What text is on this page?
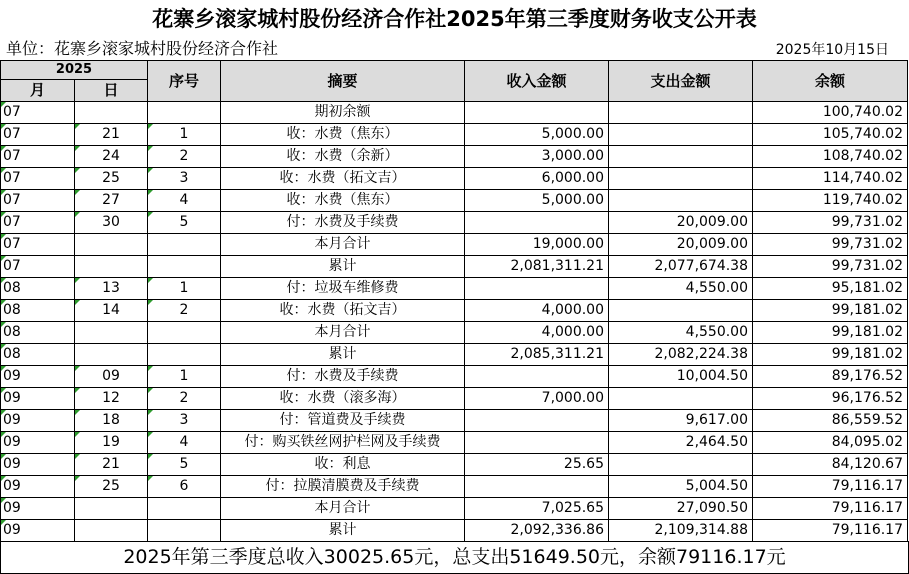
花寨乡滚家城村股份经济合作社2025年第三季度财务收支公开表
单位：花寨乡滚家城村股份经济合作社	2025年10月15日
2025		序号	摘要	收入金额	支出金额	余额
月	日					
07			期初余额			100,740.02
07	21	1	收：水费（焦东）	5,000.00		105,740.02
07	24	2	收：水费（余新）	3,000.00		108,740.02
07	25	3	收：水费（拓文吉）	6,000.00		114,740.02
07	27	4	收：水费（焦东）	5,000.00		119,740.02
07	30	5	付：水费及手续费		20,009.00	99,731.02
07			本月合计	19,000.00	20,009.00	99,731.02
07			累计	2,081,311.21	2,077,674.38	99,731.02
08	13	1	付：垃圾车维修费		4,550.00	95,181.02
08	14	2	收：水费（拓文吉）	4,000.00		99,181.02
08			本月合计	4,000.00	4,550.00	99,181.02
08			累计	2,085,311.21	2,082,224.38	99,181.02
09	09	1	付：水费及手续费		10,004.50	89,176.52
09	12	2	收：水费（滚多海）	7,000.00		96,176.52
09	18	3	付：管道费及手续费		9,617.00	86,559.52
09	19	4	付：购买铁丝网护栏网及手续费		2,464.50	84,095.02
09	21	5	收：利息	25.65		84,120.67
09	25	6	付：拉膜清膜费及手续费		5,004.50	79,116.17
09			本月合计	7,025.65	27,090.50	79,116.17
09			累计	2,092,336.86	2,109,314.88	79,116.17
2025年第三季度总收入30025.65元，总支出51649.50元，余额79116.17元
